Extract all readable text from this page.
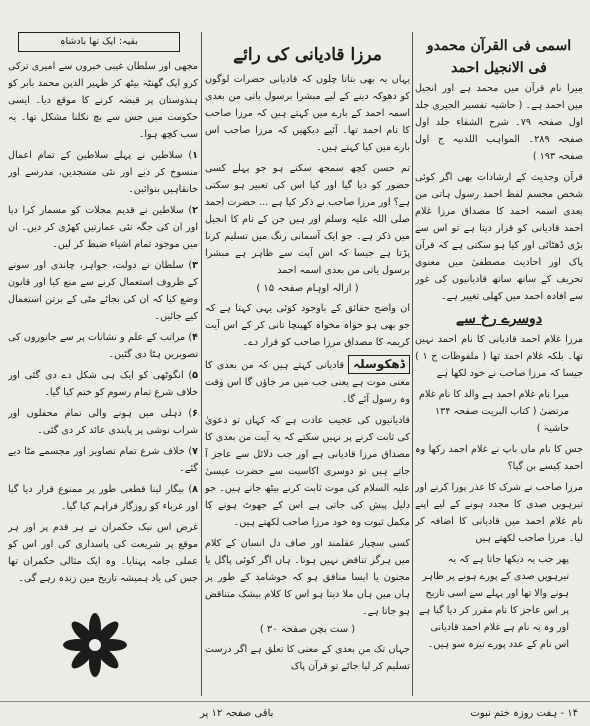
بقیہ: ایک تھا بادشاہ

مجھی اور سلطان غیبی خبروں سے امیری ترکی کرو ایک گھنٹہ بیٹھ کر ظہیر الدین محمد بابر کو ہندوستان پر قبضہ کرنے کا موقع دیا۔ ایسی حکومت میں جس سے بچ نکلنا مشکل تھا۔ یہ سب کچھ ہوا۔

۱) سلاطین نے پہلے سلاطین کے تمام اعمال منسوخ کر دیے اور نئی مسجدیں، مدرسے اور خانقاہیں بنوائیں۔

۲) سلاطین نے قدیم محلات کو مسمار کرا دیا اور ان کی جگہ نئی عمارتیں کھڑی کر دیں۔ ان میں موجود تمام اشیاء ضبط کر لیں۔

۳) سلطان نے دولت، جواہر، چاندی اور سونے کے ظروف استعمال کرنے سے منع کیا اور قانون وضع کیا کہ ان کی بجائے مٹی کے برتن استعمال کیے جائیں۔

۴) مراتب کے علم و نشانات پر سے جانوروں کی تصویریں ہٹا دی گئیں۔

۵) انگوٹھی کو ایک ہی شکل دے دی گئی اور خلاف شرع تمام رسوم کو ختم کیا گیا۔

۶) دہلی میں ہونے والی تمام محفلوں اور شراب نوشی پر پابندی عائد کر دی گئی۔

۷) خلاف شرع تمام تصاویر اور مجسمے مٹا دیے گئے۔

۸) بیگار لینا قطعی طور پر ممنوع قرار دیا گیا اور غرباء کو روزگار فراہم کیا گیا۔

غرض اس نیک حکمران نے ہر قدم پر اور ہر موقع پر شریعت کی پاسداری کی اور اس کو عملی جامہ پہنایا۔ وہ ایک مثالی حکمران تھا جس کی یاد ہمیشہ تاریخ میں زندہ رہے گی۔

مرزا قادیانی کی رائے

یہاں یہ بھی بتاتا چلوں کہ قادیانی حضرات لوگوں کو دھوکہ دینے کے لیے مبشرا برسول یاتی من بعدی اسمہ احمد کے بارے میں کہتے ہیں کہ مرزا صاحب کا نام احمد تھا۔ آئیے دیکھیں کہ مرزا صاحب اس بارے میں کیا کہتے ہیں۔

تم حسن کچھ سمجھ سکتے ہو جو پہلے کسی حضور کو دیا گیا اور کیا اس کی تعبیر ہو سکتی ہے؟ اور مرزا صاحب نے ذکر کیا ہے ... حضرت احمد صلی اللہ علیہ وسلم اور ہیں جن کے نام کا انجیل میں ذکر ہے۔ جو ایک آسمانی رنگ میں تسلیم کرنا پڑتا ہے جیسا کہ اس آیت سے ظاہر ہے مبشرا برسول یاتی من بعدی اسمہ احمد

( ازالہ اوہام صفحہ ۱۵ )

ان واضح حقائق کے باوجود کوئی یہی کہتا ہے کہ جو بھی ہو خواہ مخواہ کھینچا تانی کر کے اس آیت کریمہ کا مصداق مرزا صاحب کو قرار دے۔

ڈھکوسلہقادیانی کہتے ہیں کہ من بعدی کا معنی موت ہے یعنی جب میں مر جاؤں گا اس وقت وہ رسول آئے گا۔

قادیانیوں کی عجیب عادت ہے کہ کہاں تو دعویٰ کی ثابت کرنے پر نہیں سکتے کہ یہ آیت من بعدی کا مصداق مرزا قادیانی ہے اور جب دلائل سے عاجز آ جاتے ہیں تو دوسری اکاسیت سے حضرت عیسیٰ علیہ السلام کی موت ثابت کرنے بیٹھ جاتے ہیں۔ جو دلیل پیش کی جاتی ہے اس کے جھوٹ ہونے کا مکمل ثبوت وہ خود مرزا صاحب لکھتے ہیں۔

کسی سچیار عقلمند اور صاف دل انسان کے کلام میں ہرگز تناقض نہیں ہوتا۔ ہاں اگر کوئی پاگل یا مجنون یا ایسا منافق ہو کہ خوشامد کے طور پر ہاں میں ہاں ملا دیتا ہو اس کا کلام بیشک متناقض ہو جاتا ہے۔

( ست بچن صفحہ ۳۰ )

جہاں تک من بعدی کے معنی کا تعلق ہے اگر درست تسلیم کر لیا جائے تو قرآن پاک

اسمی فی القرآن محمدو
فی الانجیل احمد

میرا نام قرآن میں محمد ہے اور انجیل میں احمد ہے۔ ( حاشیہ تفسیر الجیری جلد اول صفحہ ۷۹۔ شرح الشفاء جلد اول صفحہ ۲۸۹۔ المواہب اللدنیہ ج اول صفحہ ۱۹۳ )

قرآن وحدیث کے ارشادات بھی اگر کوئی شخص مجسم لفظ احمد رسول ہاتی من بعدی اسمہ احمد کا مصداق مرزا غلام احمد قادیانی کو قرار دیتا ہے تو اس سے بڑی ڈھٹائی اور کیا ہو سکتی ہے کہ قرآن پاک اور احادیث مصطفیٰ میں معنوی تحریف کے ساتھ ساتھ قادیانیوں کی غور سے افادہ احمد میں کھلی تغییر ہے۔

دوسرے رخ سے

مرزا غلام احمد قادیانی کا نام احمد نہیں تھا۔ بلکہ غلام احمد تھا ( ملفوظات ج ۱ ) جیسا کہ مرزا صاحب نے خود لکھا ہے

میرا نام غلام احمد ہے والد کا نام غلام مرتضیٰ ( کتاب البریت صفحہ ۱۳۴ حاشیہ )

جس کا نام ماں باپ نے غلام احمد رکھا وہ احمد کیسے بن گیا؟

مرزا صاحب نے شرک کا عذر پورا کرنے اور تیرہویں صدی کا مجدد ہونے کے لیے اپنے نام غلام احمد میں قادیانی کا اضافہ کر لیا۔ مرزا صاحب لکھتے ہیں

پھر جب یہ دیکھا جاتا ہے کہ یہ تیرہویں صدی کے پورے ہونے پر ظاہر ہونے والا تھا اور پہلے سے اسی تاریخ پر اس عاجز کا نام مقرر کر دیا گیا ہے اور وہ یہ نام ہے غلام احمد قادیانی اس نام کے عدد پورے تیرہ سو ہیں۔

۱۴ - ہفت روزہ ختم نبوت
باقی صفحہ ۱۲ پر
